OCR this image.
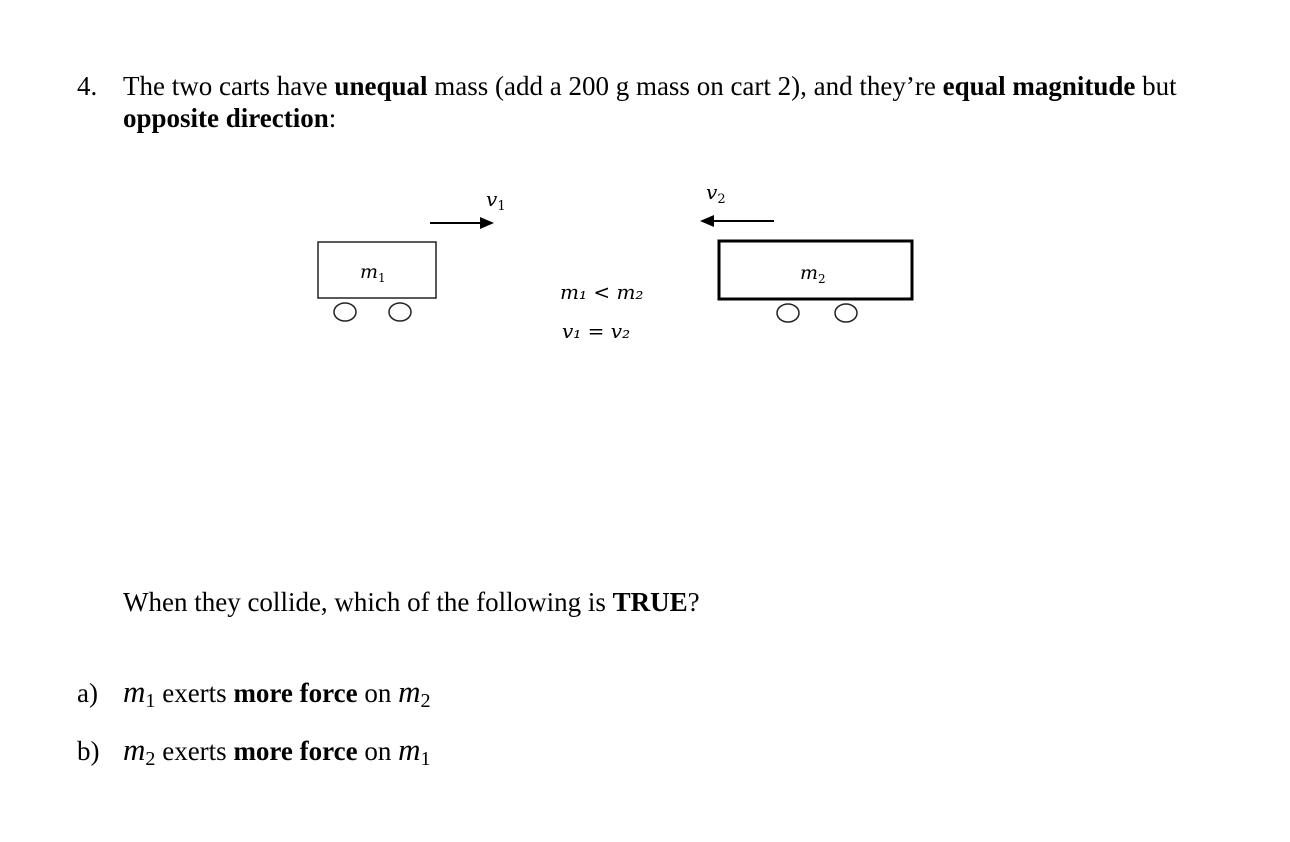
4. The two carts have unequal mass (add a 200 g mass on cart 2), and they’re equal magnitude but opposite direction:
$v_1$
$v_2$
$m_1$	$m_2$
m₁ < m₂
v₁ = v₂
When they collide, which of the following is TRUE?
a) $m_1$ exerts more force on $m_2$
b) $m_2$ exerts more force on $m_1$
